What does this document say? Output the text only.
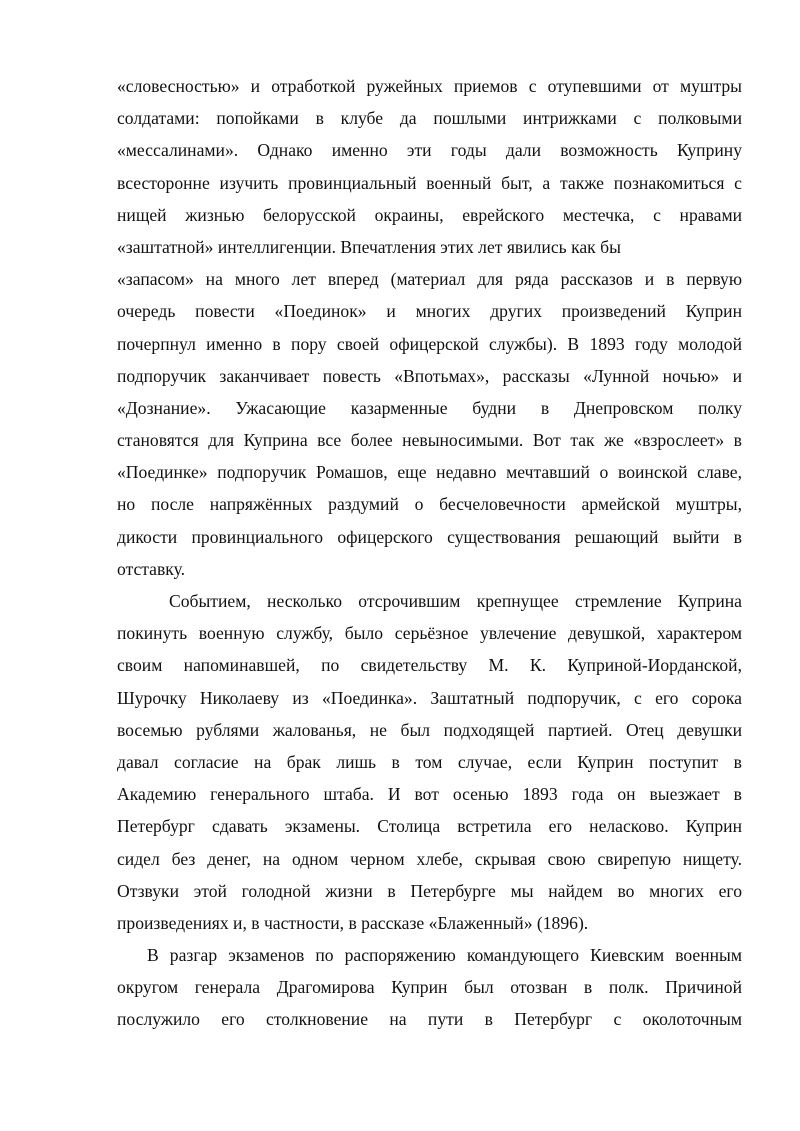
«словесностью» и отработкой ружейных приемов с отупевшими от муштры
солдатами: попойками в клубе да пошлыми интрижками с полковыми
«мессалинами». Однако именно эти годы дали возможность Куприну
всесторонне изучить провинциальный военный быт, а также познакомиться с
нищей жизнью белорусской окраины, еврейского местечка, с нравами
«заштатной» интеллигенции. Впечатления этих лет явились как бы
«запасом» на много лет вперед (материал для ряда рассказов и в первую
очередь повести «Поединок» и многих других произведений Куприн
почерпнул именно в пору своей офицерской службы). В 1893 году молодой
подпоручик заканчивает повесть «Впотьмах», рассказы «Лунной ночью» и
«Дознание». Ужасающие казарменные будни в Днепровском полку
становятся для Куприна все более невыносимыми. Вот так же «взрослеет» в
«Поединке» подпоручик Ромашов, еще недавно мечтавший о воинской славе,
но после напряжённых раздумий о бесчеловечности армейской муштры,
дикости провинциального офицерского существования решающий выйти в
отставку.
Событием, несколько отсрочившим крепнущее стремление Куприна
покинуть военную службу, было серьёзное увлечение девушкой, характером
своим напоминавшей, по свидетельству М. К. Куприной-Иорданской,
Шурочку Николаеву из «Поединка». Заштатный подпоручик, с его сорока
восемью рублями жалованья, не был подходящей партией. Отец девушки
давал согласие на брак лишь в том случае, если Куприн поступит в
Академию генерального штаба. И вот осенью 1893 года он выезжает в
Петербург сдавать экзамены. Столица встретила его неласково. Куприн
сидел без денег, на одном черном хлебе, скрывая свою свирепую нищету.
Отзвуки этой голодной жизни в Петербурге мы найдем во многих его
произведениях и, в частности, в рассказе «Блаженный» (1896).
В разгар экзаменов по распоряжению командующего Киевским военным
округом генерала Драгомирова Куприн был отозван в полк. Причиной
послужило его столкновение на пути в Петербург с околоточным
